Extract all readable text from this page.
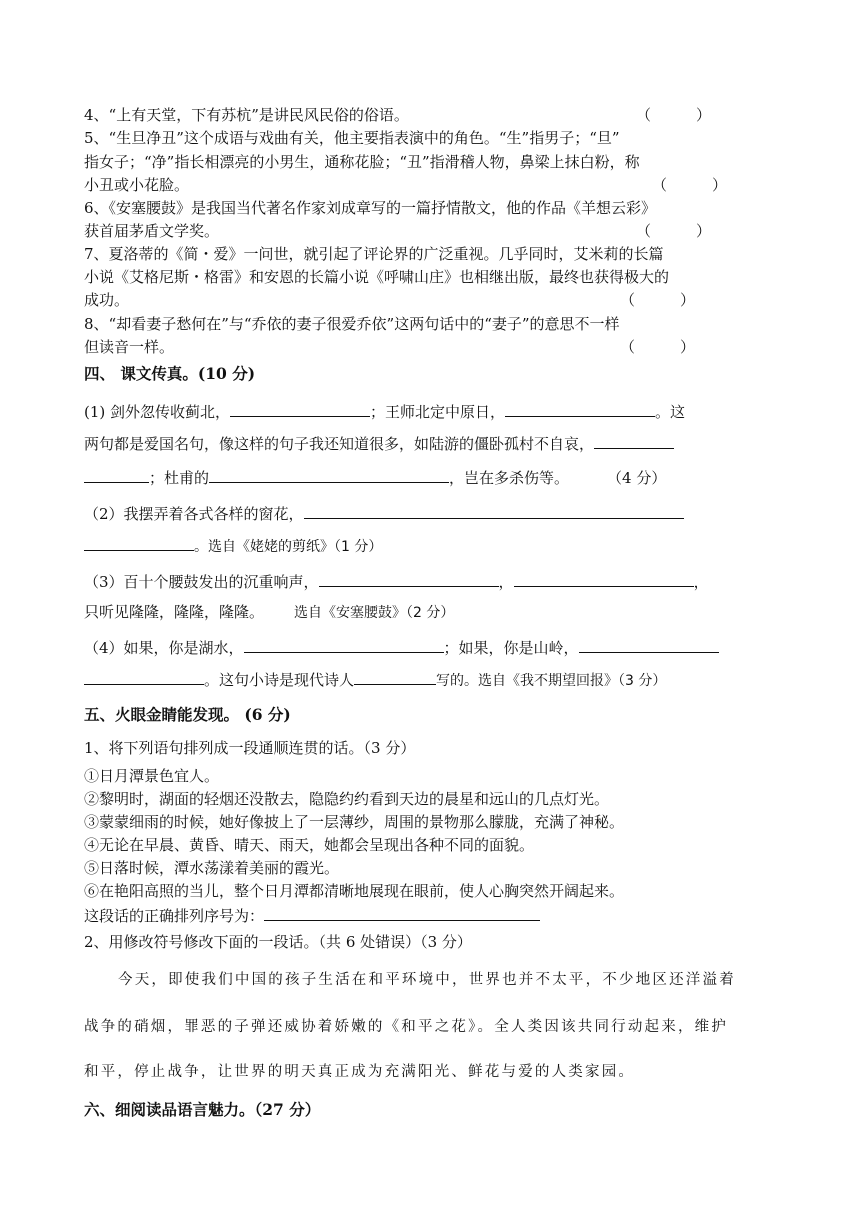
4、“上有天堂，下有苏杭”是讲民风民俗的俗语。	（　　　）
5、“生旦净丑”这个成语与戏曲有关，他主要指表演中的角色。“生”指男子；“旦”
指女子；“净”指长相漂亮的小男生，通称花脸；“丑”指滑稽人物，鼻梁上抹白粉，称
小丑或小花脸。	（　　　）
6、《安塞腰鼓》是我国当代著名作家刘成章写的一篇抒情散文，他的作品《羊想云彩》
获首届茅盾文学奖。	（　　　）
7、夏洛蒂的《简・爱》一问世，就引起了评论界的广泛重视。几乎同时，艾米莉的长篇
小说《艾格尼斯・格雷》和安恩的长篇小说《呼啸山庄》也相继出版，最终也获得极大的
成功。	（　　　）
8、“却看妻子愁何在”与“乔依的妻子很爱乔依”这两句话中的“妻子”的意思不一样
但读音一样。	（　　　）
四、 课文传真。(10 分)
(1) 剑外忽传收蓟北，	；王师北定中原日，	。这
两句都是爱国名句，像这样的句子我还知道很多，如陆游的僵卧孤村不自哀，
；杜甫的	，岂在多杀伤等。	（4 分）
（2）我摆弄着各式各样的窗花，
。选自《姥姥的剪纸》（1 分）
（3）百十个腰鼓发出的沉重响声，	，	，
只听见隆隆，隆隆，隆隆。 选自《安塞腰鼓》（2 分）
（4）如果，你是湖水，	；如果，你是山岭，
。这句小诗是现代诗人	写的。选自《我不期望回报》（3 分）
五、火眼金睛能发现。 (6 分)
1、将下列语句排列成一段通顺连贯的话。（3 分）
①日月潭景色宜人。
②黎明时，湖面的轻烟还没散去，隐隐约约看到天边的晨星和远山的几点灯光。
③蒙蒙细雨的时候，她好像披上了一层薄纱，周围的景物那么朦胧，充满了神秘。
④无论在早晨、黄昏、晴天、雨天，她都会呈现出各种不同的面貌。
⑤日落时候，潭水荡漾着美丽的霞光。
⑥在艳阳高照的当儿，整个日月潭都清晰地展现在眼前，使人心胸突然开阔起来。
这段话的正确排列序号为：
2、用修改符号修改下面的一段话。（共 6 处错误）（3 分）
今天，即使我们中国的孩子生活在和平环境中，世界也并不太平，不少地区还洋溢着
战争的硝烟，罪恶的子弹还威协着娇嫩的《和平之花》。全人类因该共同行动起来，维护
和平，停止战争，让世界的明天真正成为充满阳光、鲜花与爱的人类家园。
六、细阅读品语言魅力。（27 分）
